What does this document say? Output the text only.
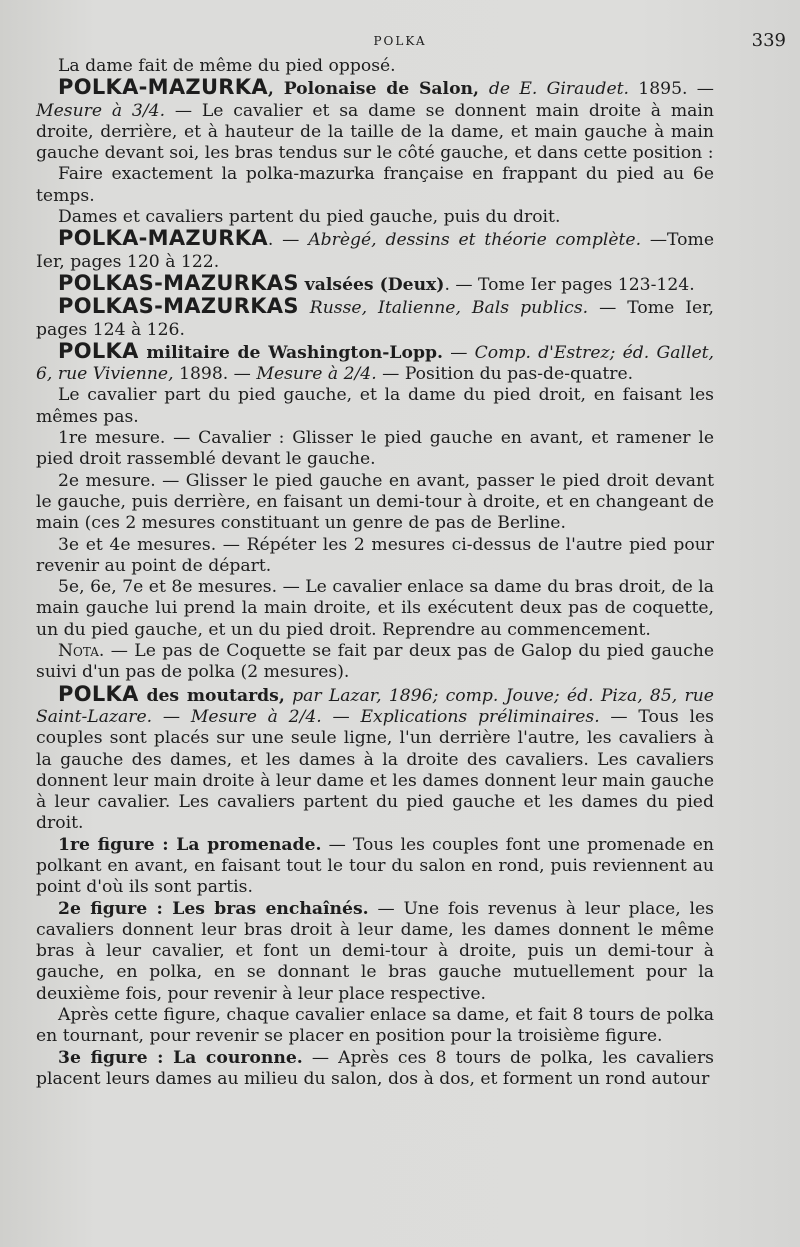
POLKA	339

La dame fait de même du pied opposé.

POLKA-MAZURKA, Polonaise de Salon, de E. Giraudet. 1895. — Mesure à 3/4. — Le cavalier et sa dame se donnent main droite à main droite, derrière, et à hauteur de la taille de la dame, et main gauche à main gauche devant soi, les bras tendus sur le côté gauche, et dans cette position :

Faire exactement la polka-mazurka française en frappant du pied au 6e temps.

Dames et cavaliers partent du pied gauche, puis du droit.

POLKA-MAZURKA. — Abrègé, dessins et théorie complète. —Tome Ier, pages 120 à 122.

POLKAS-MAZURKAS valsées (Deux). — Tome Ier pages 123-124.

POLKAS-MAZURKAS Russe, Italienne, Bals publics. — Tome Ier, pages 124 à 126.

POLKA militaire de Washington-Lopp. — Comp. d'Estrez; éd. Gallet, 6, rue Vivienne, 1898. — Mesure à 2/4. — Position du pas-de-quatre.

Le cavalier part du pied gauche, et la dame du pied droit, en faisant les mêmes pas.

1re mesure. — Cavalier : Glisser le pied gauche en avant, et ramener le pied droit rassemblé devant le gauche.

2e mesure. — Glisser le pied gauche en avant, passer le pied droit devant le gauche, puis derrière, en faisant un demi-tour à droite, et en changeant de main (ces 2 mesures constituant un genre de pas de Berline.

3e et 4e mesures. — Répéter les 2 mesures ci-dessus de l'autre pied pour revenir au point de départ.

5e, 6e, 7e et 8e mesures. — Le cavalier enlace sa dame du bras droit, de la main gauche lui prend la main droite, et ils exécutent deux pas de coquette, un du pied gauche, et un du pied droit. Reprendre au commencement.

Nota. — Le pas de Coquette se fait par deux pas de Galop du pied gauche suivi d'un pas de polka (2 mesures).

POLKA des moutards, par Lazar, 1896; comp. Jouve; éd. Piza, 85, rue Saint-Lazare. — Mesure à 2/4. — Explications préliminaires. — Tous les couples sont placés sur une seule ligne, l'un derrière l'autre, les cavaliers à la gauche des dames, et les dames à la droite des cavaliers. Les cavaliers donnent leur main droite à leur dame et les dames donnent leur main gauche à leur cavalier. Les cavaliers partent du pied gauche et les dames du pied droit.

1re figure : La promenade. — Tous les couples font une promenade en polkant en avant, en faisant tout le tour du salon en rond, puis reviennent au point d'où ils sont partis.

2e figure : Les bras enchaînés. — Une fois revenus à leur place, les cavaliers donnent leur bras droit à leur dame, les dames donnent le même bras à leur cavalier, et font un demi-tour à droite, puis un demi-tour à gauche, en polka, en se donnant le bras gauche mutuellement pour la deuxième fois, pour revenir à leur place respective.

Après cette figure, chaque cavalier enlace sa dame, et fait 8 tours de polka en tournant, pour revenir se placer en position pour la troisième figure.

3e figure : La couronne. — Après ces 8 tours de polka, les cavaliers placent leurs dames au milieu du salon, dos à dos, et forment un rond autour
